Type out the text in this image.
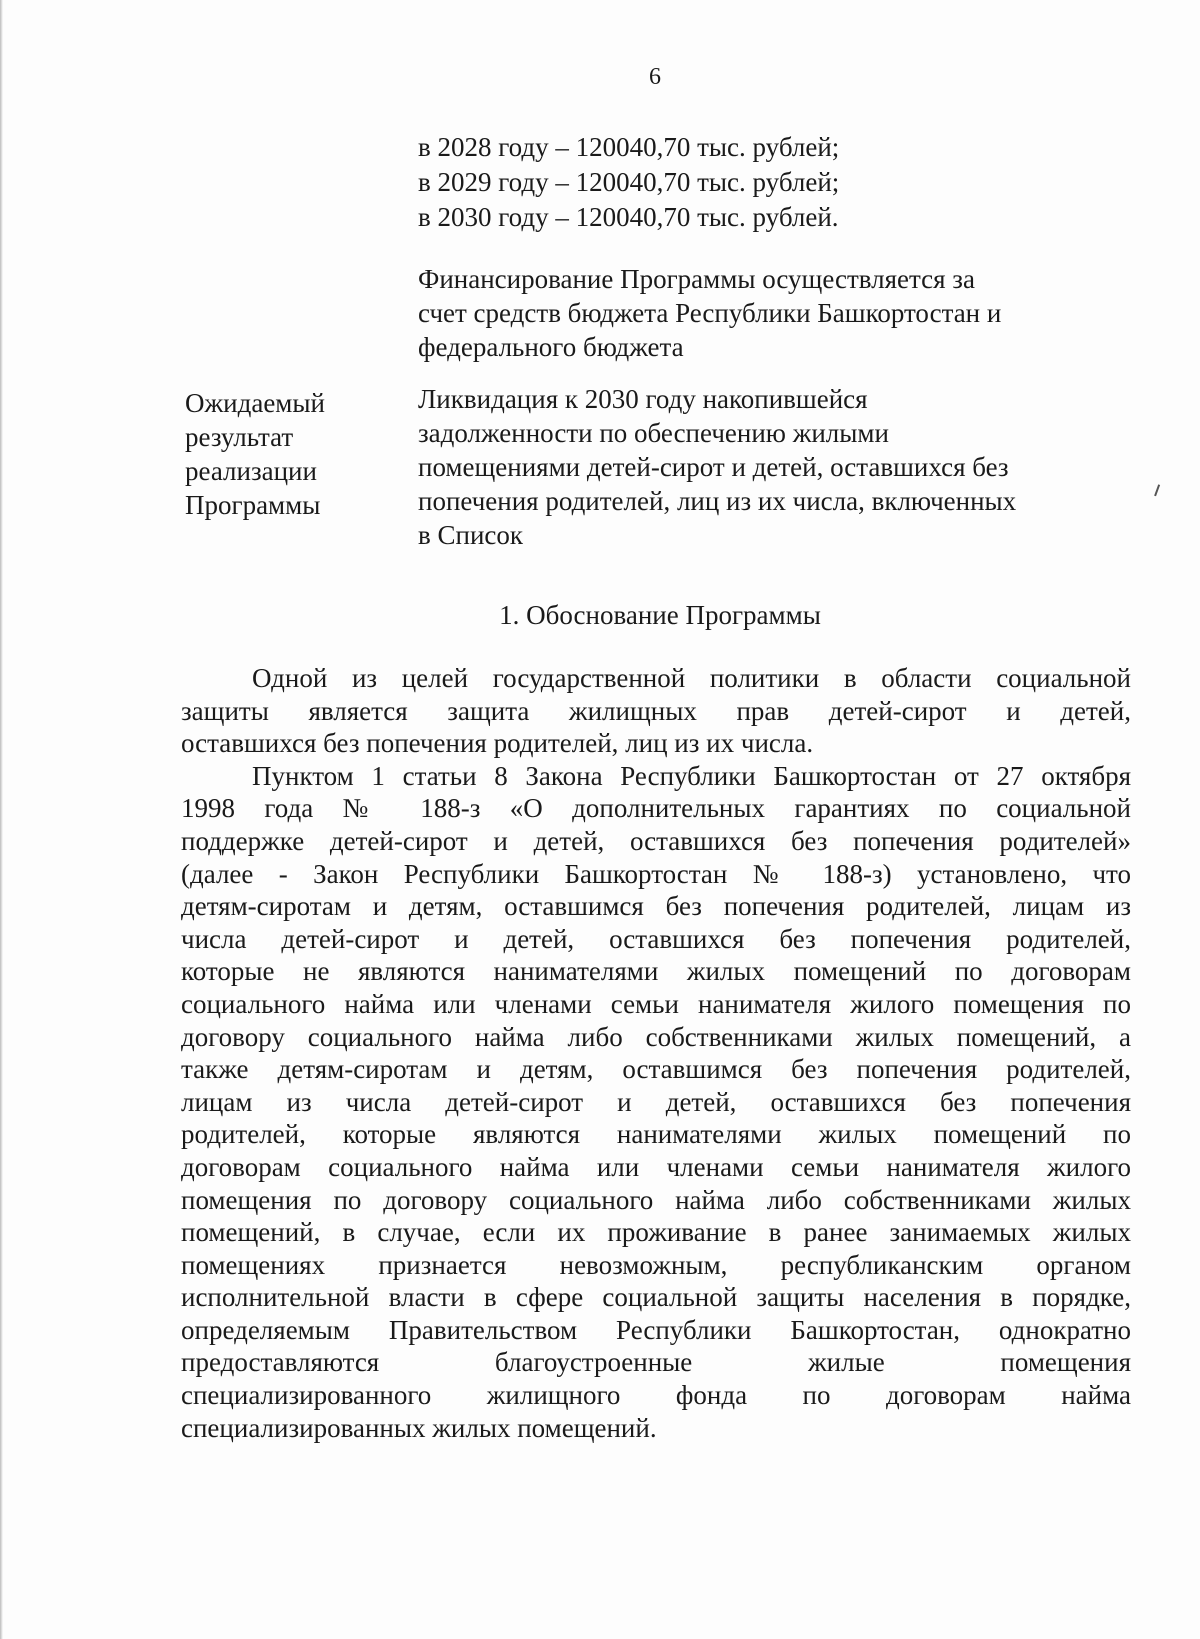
6
в 2028 году – 120040,70 тыс. рублей;
в 2029 году – 120040,70 тыс. рублей;
в 2030 году – 120040,70 тыс. рублей.
Финансирование Программы осуществляется за
счет средств бюджета Республики Башкортостан и
федерального бюджета
Ожидаемый
результат
реализации
Программы
Ликвидация к 2030 году накопившейся
задолженности по обеспечению жилыми
помещениями детей-сирот и детей, оставшихся без
попечения родителей, лиц из их числа, включенных
в Список
1. Обоснование Программы
Одной из целей государственной политики в области социальной
защиты является защита жилищных прав детей-сирот и детей,
оставшихся без попечения родителей, лиц из их числа.
Пунктом 1 статьи 8 Закона Республики Башкортостан от 27 октября
1998 года № 188-з «О дополнительных гарантиях по социальной
поддержке детей-сирот и детей, оставшихся без попечения родителей»
(далее - Закон Республики Башкортостан № 188-з) установлено, что
детям-сиротам и детям, оставшимся без попечения родителей, лицам из
числа детей-сирот и детей, оставшихся без попечения родителей,
которые не являются нанимателями жилых помещений по договорам
социального найма или членами семьи нанимателя жилого помещения по
договору социального найма либо собственниками жилых помещений, а
также детям-сиротам и детям, оставшимся без попечения родителей,
лицам из числа детей-сирот и детей, оставшихся без попечения
родителей, которые являются нанимателями жилых помещений по
договорам социального найма или членами семьи нанимателя жилого
помещения по договору социального найма либо собственниками жилых
помещений, в случае, если их проживание в ранее занимаемых жилых
помещениях признается невозможным, республиканским органом
исполнительной власти в сфере социальной защиты населения в порядке,
определяемым Правительством Республики Башкортостан, однократно
предоставляются благоустроенные жилые помещения
специализированного жилищного фонда по договорам найма
специализированных жилых помещений.
